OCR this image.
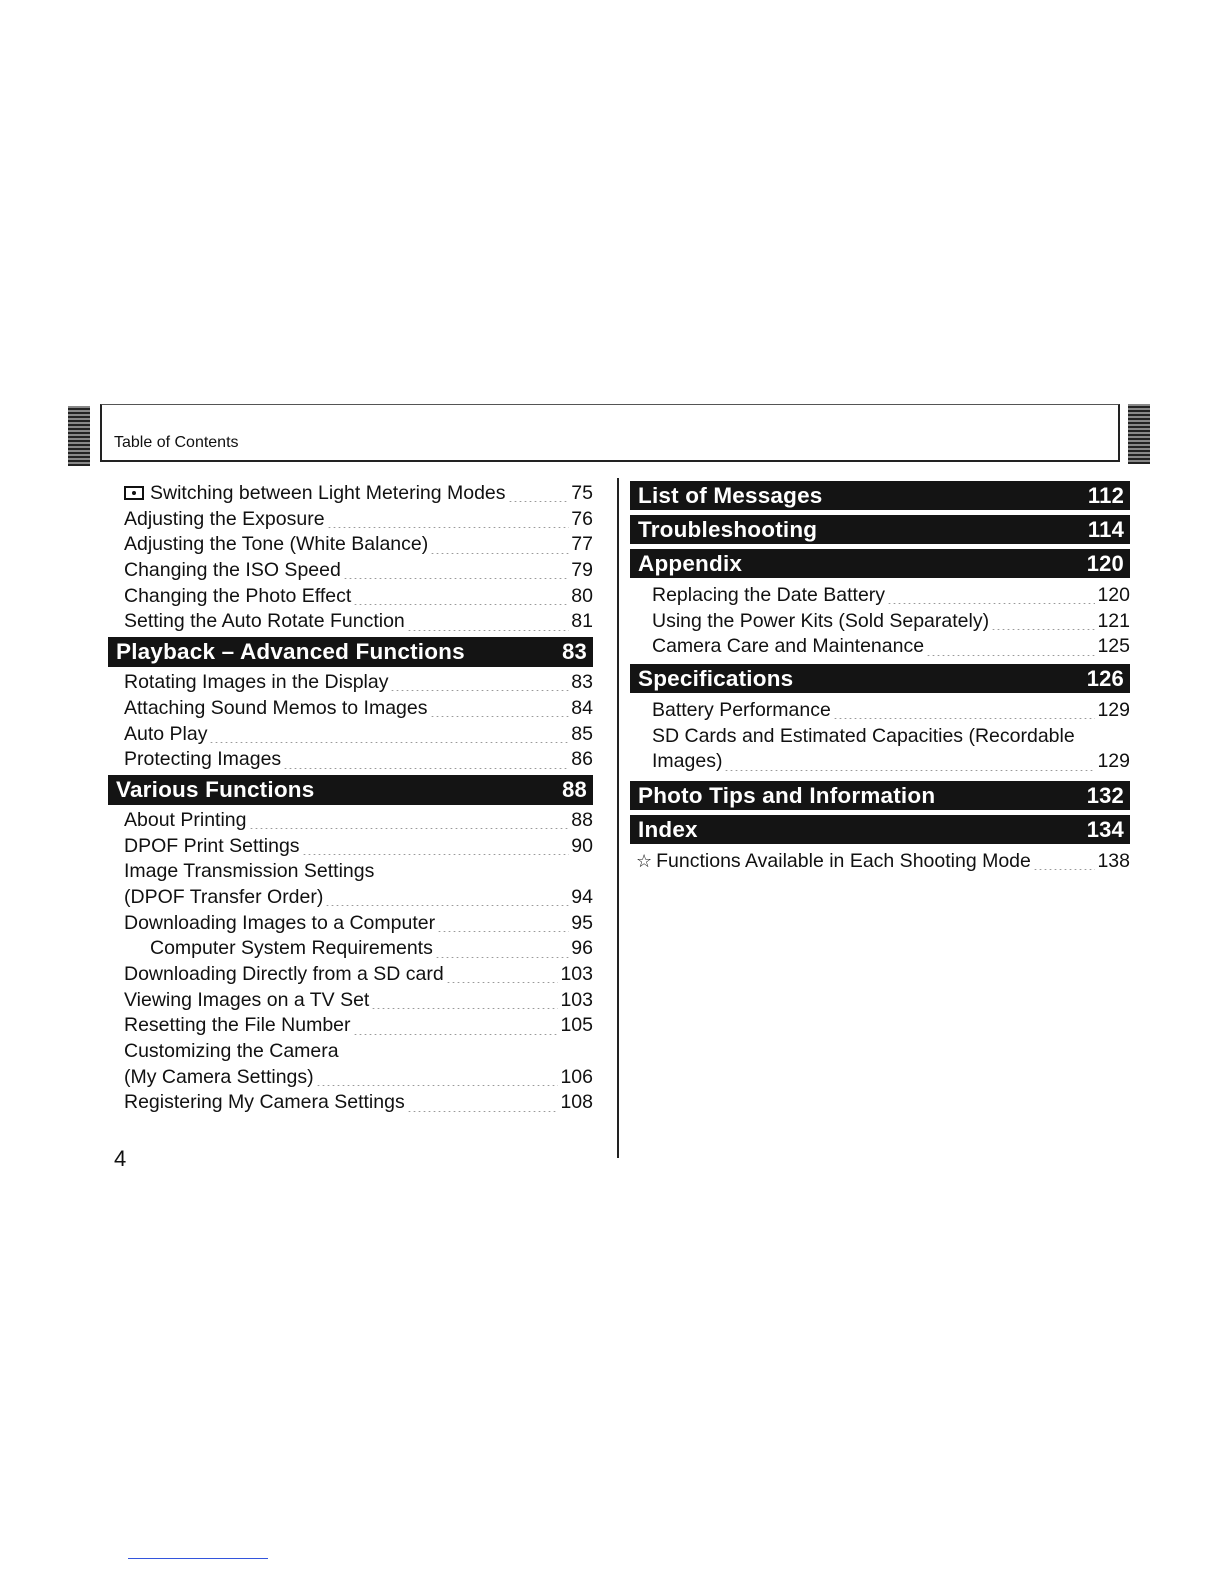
Table of Contents
Switching between Light Metering Modes	75
Adjusting the Exposure	76
Adjusting the Tone (White Balance)	77
Changing the ISO Speed	79
Changing the Photo Effect	80
Setting the Auto Rotate Function	81
Playback – Advanced Functions	83
Rotating Images in the Display	83
Attaching Sound Memos to Images	84
Auto Play	85
Protecting Images	86
Various Functions	88
About Printing	88
DPOF Print Settings	90
Image Transmission Settings
(DPOF Transfer Order)	94
Downloading Images to a Computer	95
Computer System Requirements	96
Downloading Directly from a SD card	103
Viewing Images on a TV Set	103
Resetting the File Number	105
Customizing the Camera
(My Camera Settings)	106
Registering My Camera Settings	108
List of Messages	112
Troubleshooting	114
Appendix	120
Replacing the Date Battery	120
Using the Power Kits (Sold Separately)	121
Camera Care and Maintenance	125
Specifications	126
Battery Performance	129
SD Cards and Estimated Capacities (Recordable
Images)	129
Photo Tips and Information	132
Index	134
☆ Functions Available in Each Shooting Mode	138
4
